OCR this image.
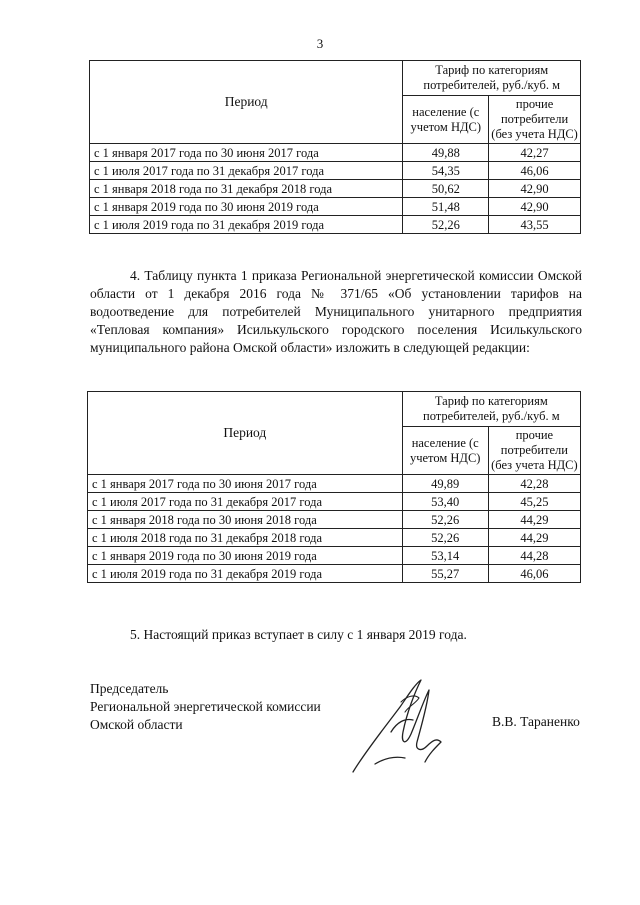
3
Период	Тариф по категориям потребителей, руб./куб. м	
	население (с учетом НДС)	прочие потребители (без учета НДС)
с 1 января 2017 года по 30 июня 2017 года	49,88	42,27
с 1 июля 2017 года по 31 декабря 2017 года	54,35	46,06
с 1 января 2018 года по 31 декабря 2018 года	50,62	42,90
с 1 января 2019 года по 30 июня 2019 года	51,48	42,90
с 1 июля 2019 года по 31 декабря 2019 года	52,26	43,55

4. Таблицу пункта 1 приказа Региональной энергетической комиссии Омской области от 1 декабря 2016 года № 371/65 «Об установлении тарифов на водоотведение для потребителей Муниципального унитарного предприятия «Тепловая компания» Исилькульского городского поселения Исилькульского муниципального района Омской области» изложить в следующей редакции:

Период	Тариф по категориям потребителей, руб./куб. м	
	население (с учетом НДС)	прочие потребители (без учета НДС)
с 1 января 2017 года по 30 июня 2017 года	49,89	42,28
с 1 июля 2017 года по 31 декабря 2017 года	53,40	45,25
с 1 января 2018 года по 30 июня 2018 года	52,26	44,29
с 1 июля 2018 года по 31 декабря 2018 года	52,26	44,29
с 1 января 2019 года по 30 июня 2019 года	53,14	44,28
с 1 июля 2019 года по 31 декабря 2019 года	55,27	46,06

5. Настоящий приказ вступает в силу с 1 января 2019 года.

Председатель
Региональной энергетической комиссии
Омской области	В.В. Тараненко
